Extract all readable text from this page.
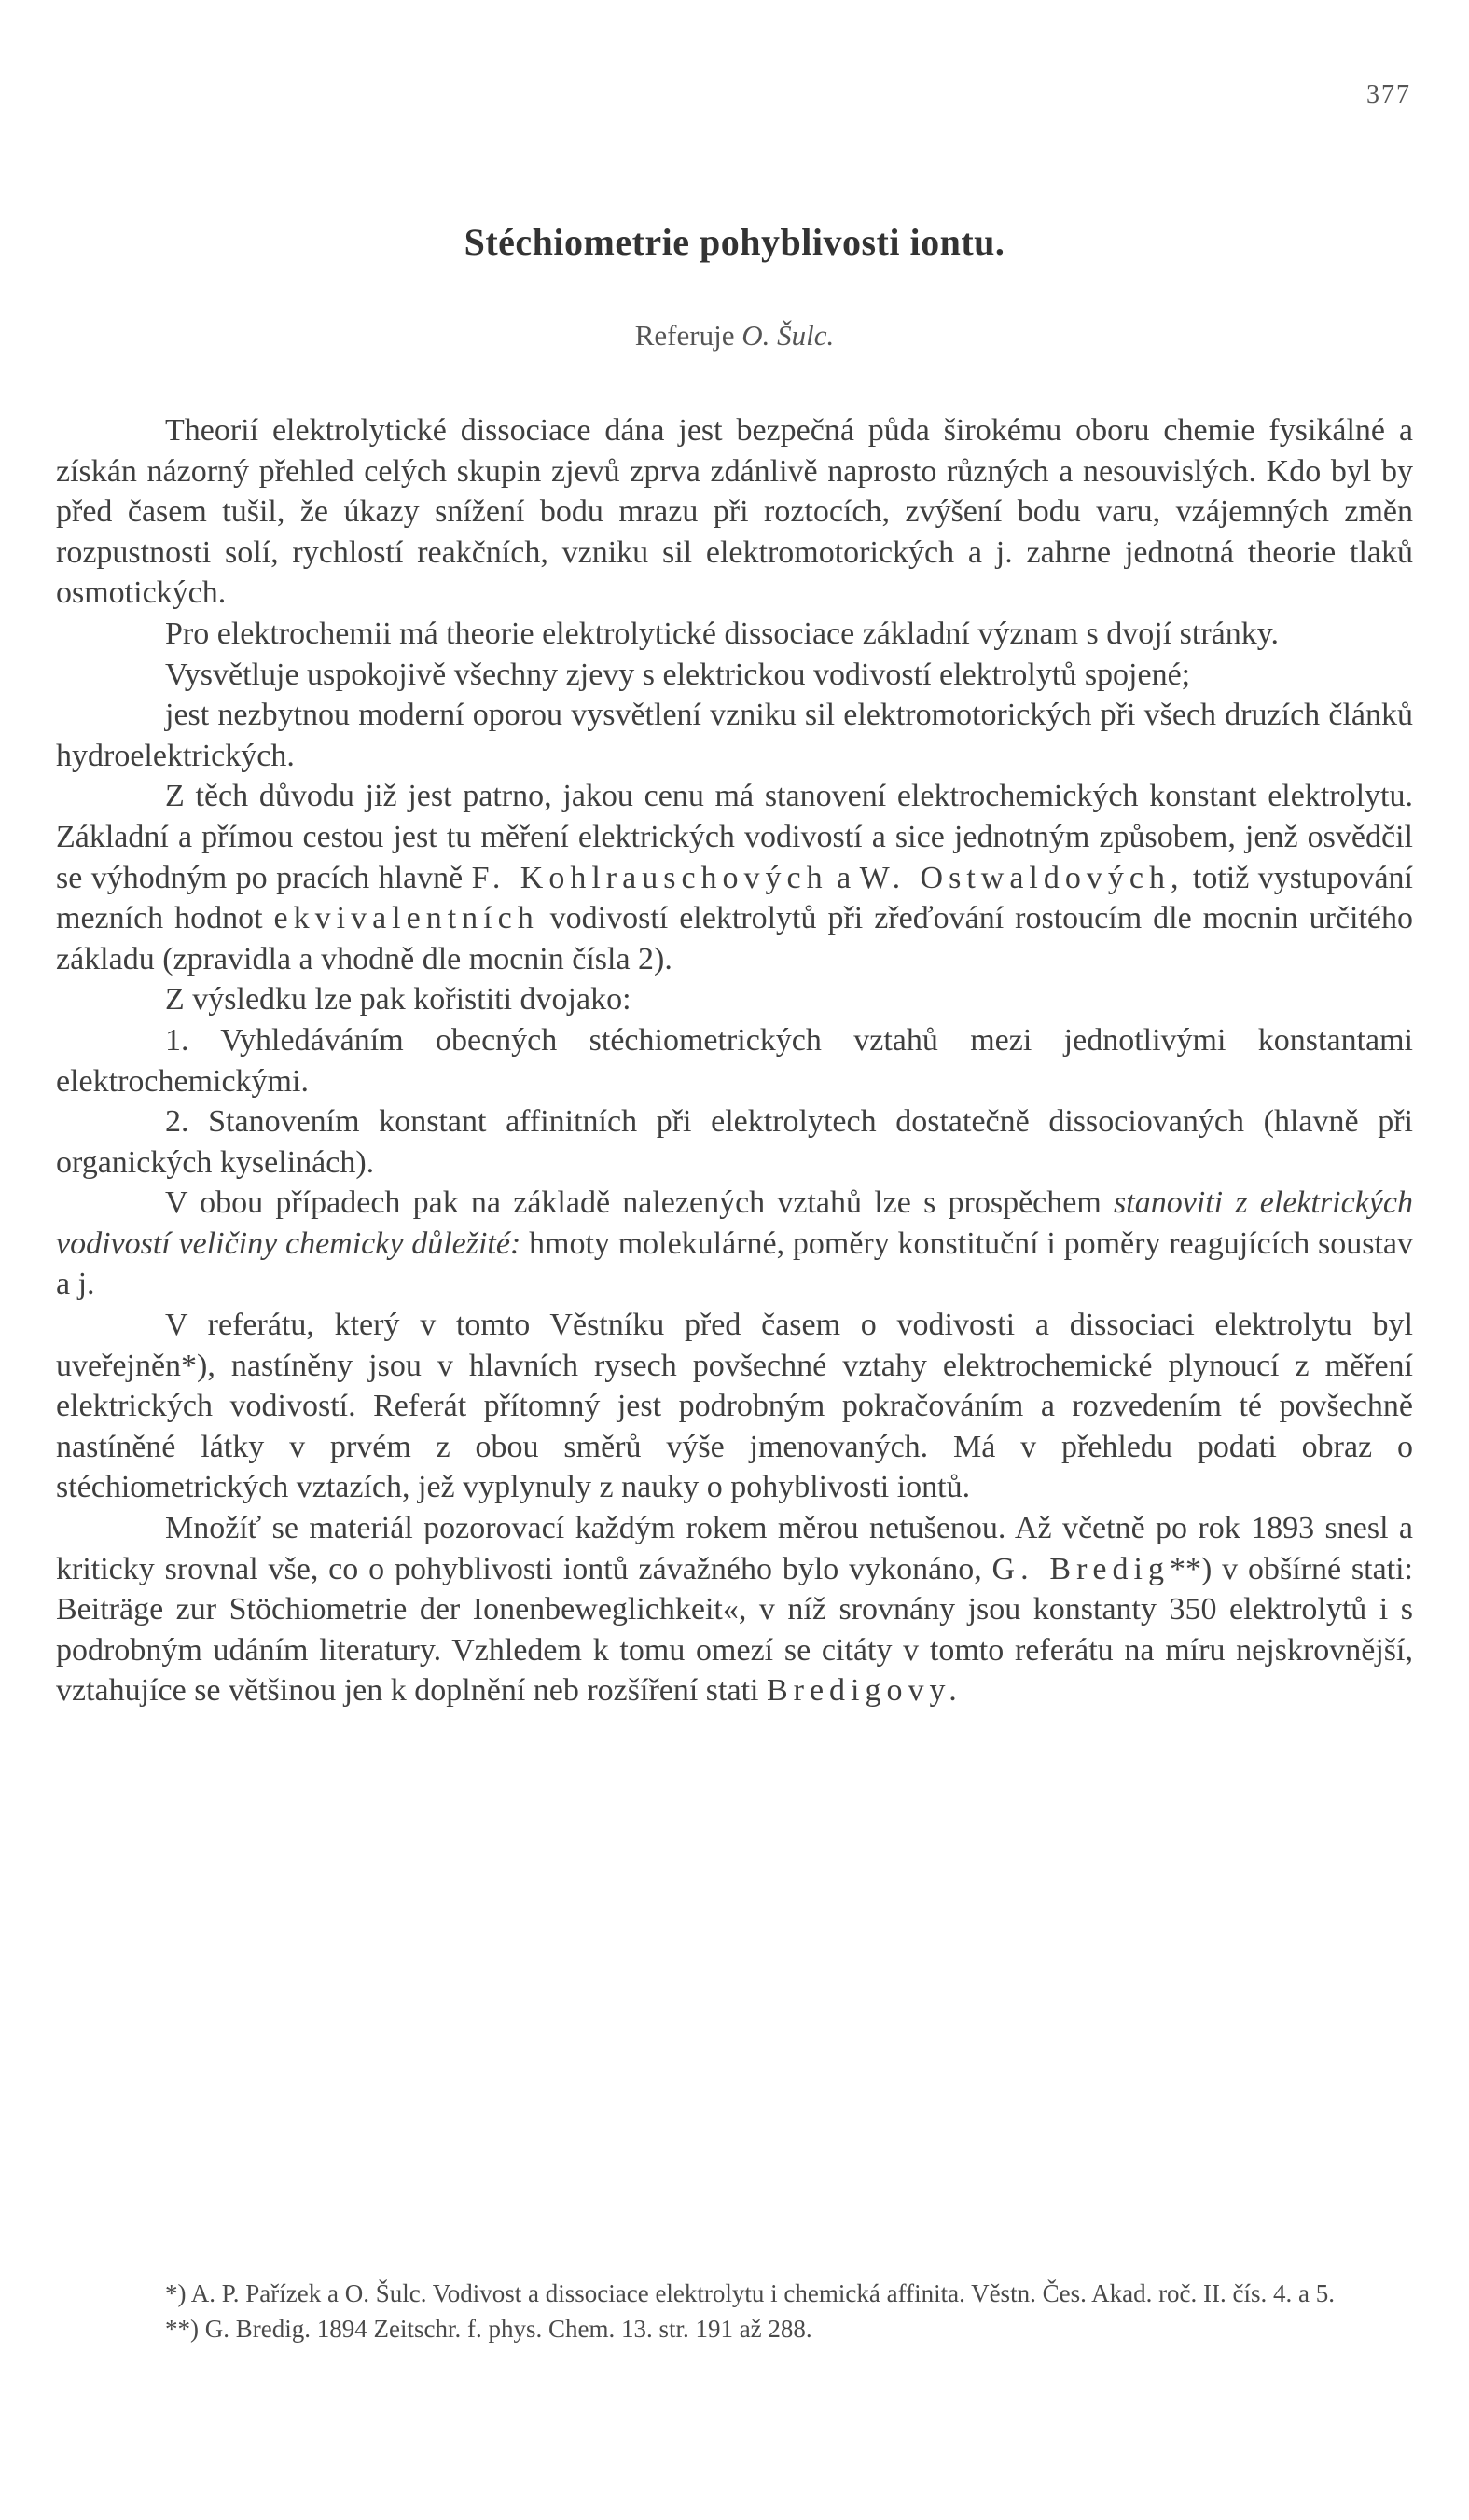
377
Stéchiometrie pohyblivosti iontu.
Referuje O. Šulc.

Theorií elektrolytické dissociace dána jest bezpečná půda širokému oboru chemie fysikálné a získán názorný přehled celých skupin zjevů zprva zdánlivě naprosto různých a nesouvislých. Kdo byl by před časem tušil, že úkazy snížení bodu mrazu při roztocích, zvýšení bodu varu, vzájemných změn rozpustnosti solí, rychlostí reakčních, vzniku sil elektromotorických a j. zahrne jednotná theorie tlaků osmotických.

Pro elektrochemii má theorie elektrolytické dissociace základní význam s dvojí stránky.

Vysvětluje uspokojivě všechny zjevy s elektrickou vodivostí elektrolytů spojené;

jest nezbytnou moderní oporou vysvětlení vzniku sil elektromotorických při všech druzích článků hydroelektrických.

Z těch důvodu již jest patrno, jakou cenu má stanovení elektrochemických konstant elektrolytu. Základní a přímou cestou jest tu měření elektrických vodivostí a sice jednotným způsobem, jenž osvědčil se výhodným po pracích hlavně F. Kohlrauschových a W. Ostwaldových, totiž vystupování mezních hodnot ekvivalentních vodivostí elektrolytů při zřeďování rostoucím dle mocnin určitého základu (zpravidla a vhodně dle mocnin čísla 2).

Z výsledku lze pak kořistiti dvojako:

1. Vyhledáváním obecných stéchiometrických vztahů mezi jednotlivými konstantami elektrochemickými.

2. Stanovením konstant affinitních při elektrolytech dostatečně dissociovaných (hlavně při organických kyselinách).

V obou případech pak na základě nalezených vztahů lze s prospěchem stanoviti z elektrických vodivostí veličiny chemicky důležité: hmoty molekulárné, poměry konstituční i poměry reagujících soustav a j.

V referátu, který v tomto Věstníku před časem o vodivosti a dissociaci elektrolytu byl uveřejněn*), nastíněny jsou v hlavních rysech povšechné vztahy elektrochemické plynoucí z měření elektrických vodivostí. Referát přítomný jest podrobným pokračováním a rozvedením té povšechně nastíněné látky v prvém z obou směrů výše jmenovaných. Má v přehledu podati obraz o stéchiometrických vztazích, jež vyplynuly z nauky o pohyblivosti iontů.

Množíť se materiál pozorovací každým rokem měrou netušenou. Až včetně po rok 1893 snesl a kriticky srovnal vše, co o pohyblivosti iontů závažného bylo vykonáno, G. Bredig**) v obšírné stati: Beiträge zur Stöchiometrie der Ionenbeweglichkeit«, v níž srovnány jsou konstanty 350 elektrolytů i s podrobným udáním literatury. Vzhledem k tomu omezí se citáty v tomto referátu na míru nejskrovnější, vztahujíce se většinou jen k doplnění neb rozšíření stati Bredigovy.

*) A. P. Pařízek a O. Šulc. Vodivost a dissociace elektrolytu i chemická affinita. Věstn. Čes. Akad. roč. II. čís. 4. a 5.

**) G. Bredig. 1894 Zeitschr. f. phys. Chem. 13. str. 191 až 288.
